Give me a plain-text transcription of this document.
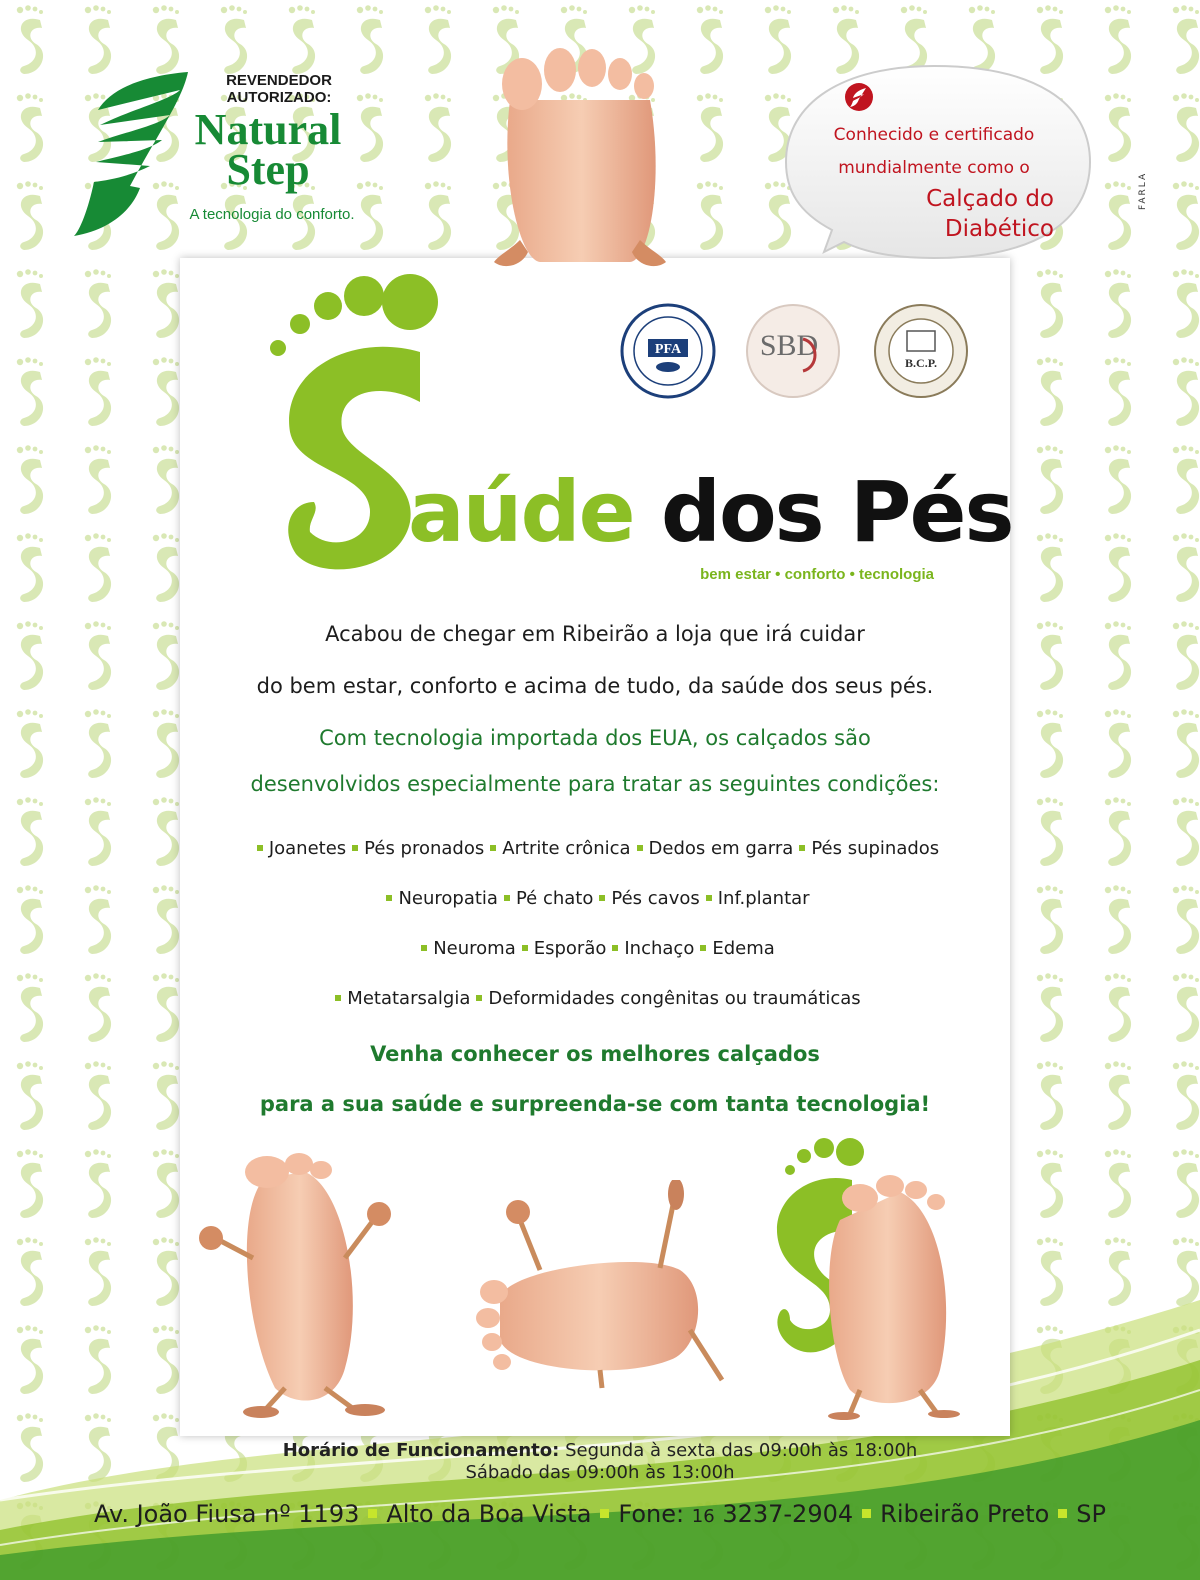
REVENDEDOR AUTORIZADO:
Natural
Step
A tecnologia do conforto.
Conhecido e certificado
mundialmente como o
Calçado do
Diabético
FARLA
aúde dos Pés
bem estar • conforto • tecnologia
PFA	SBD
B.C.P.
Acabou de chegar em Ribeirão a loja que irá cuidar
do bem estar, conforto e acima de tudo, da saúde dos seus pés.
Com tecnologia importada dos EUA, os calçados são
desenvolvidos especialmente para tratar as seguintes condições:
Joanetes Pés pronados Artrite crônica Dedos em garra Pés supinados
Neuropatia Pé chato Pés cavos Inf.plantar
Neuroma Esporão Inchaço Edema
Metatarsalgia Deformidades congênitas ou traumáticas
Venha conhecer os melhores calçados
para a sua saúde e surpreenda-se com tanta tecnologia!
Horário de Funcionamento: Segunda à sexta das 09:00h às 18:00h
Sábado das 09:00h às 13:00h
Av. João Fiusa nº 1193 Alto da Boa Vista Fone: 16 3237-2904 Ribeirão Preto SP
